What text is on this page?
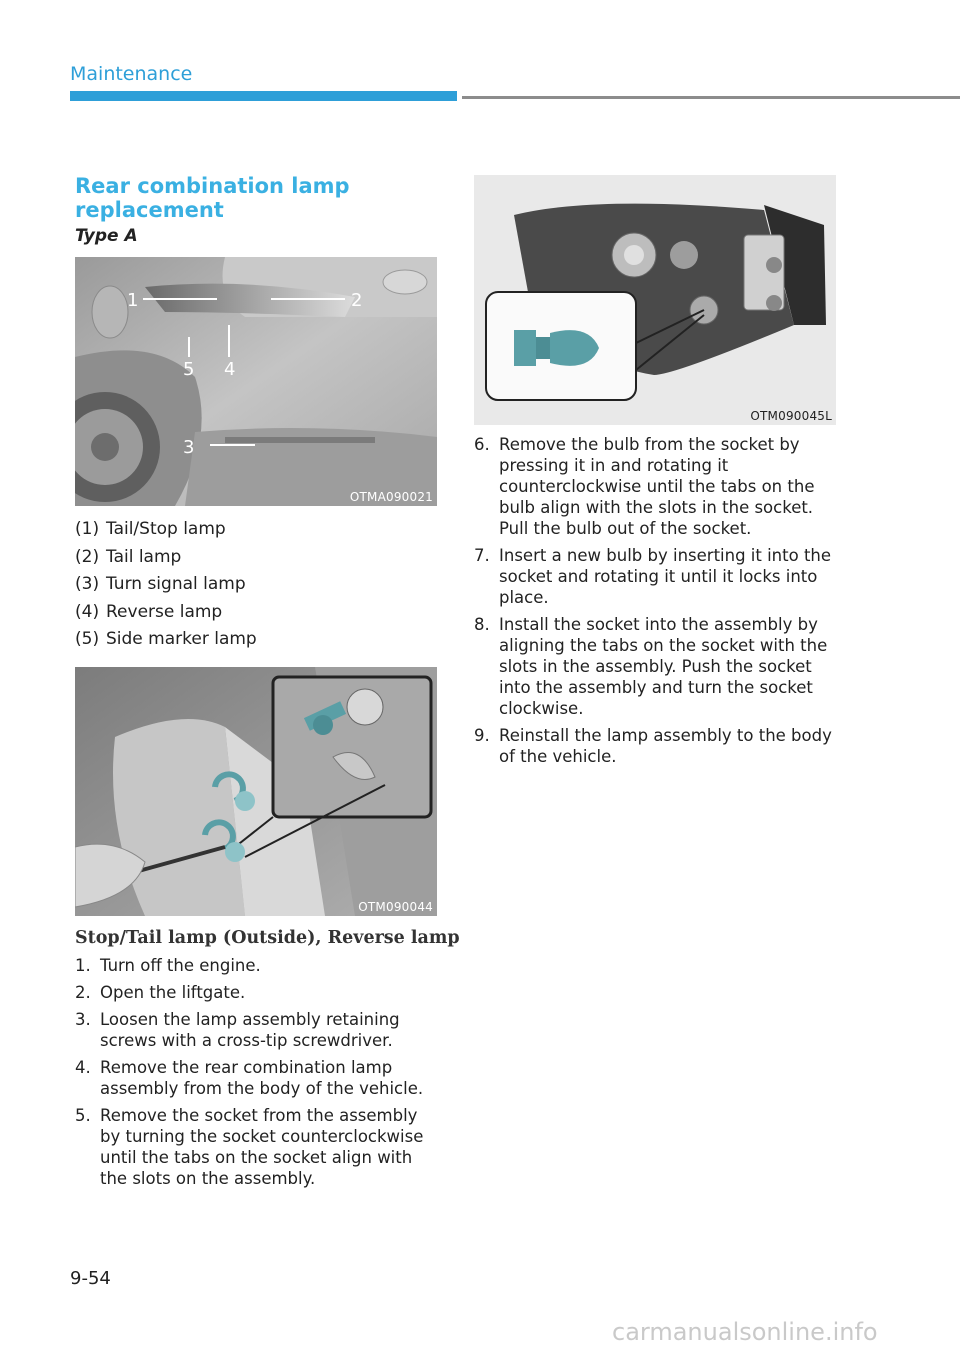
Maintenance
Rear combination lamp replacement
Type A
1	2
3
4
5
OTMA090021
(1) Tail/Stop lamp
(2) Tail lamp
(3) Turn signal lamp
(4) Reverse lamp
(5) Side marker lamp
OTM090044
Stop/Tail lamp (Outside), Reverse lamp
1. Turn off the engine.
2. Open the liftgate.
3. Loosen the lamp assembly retaining screws with a cross-tip screwdriver.
4. Remove the rear combination lamp assembly from the body of the vehicle.
5. Remove the socket from the assembly by turning the socket counterclockwise until the tabs on the socket align with the slots on the assembly.
OTM090045L
6. Remove the bulb from the socket by pressing it in and rotating it counterclockwise until the tabs on the bulb align with the slots in the socket. Pull the bulb out of the socket.
7. Insert a new bulb by inserting it into the socket and rotating it until it locks into place.
8. Install the socket into the assembly by aligning the tabs on the socket with the slots in the assembly. Push the socket into the assembly and turn the socket clockwise.
9. Reinstall the lamp assembly to the body of the vehicle.
9-54
carmanualsonline.info
